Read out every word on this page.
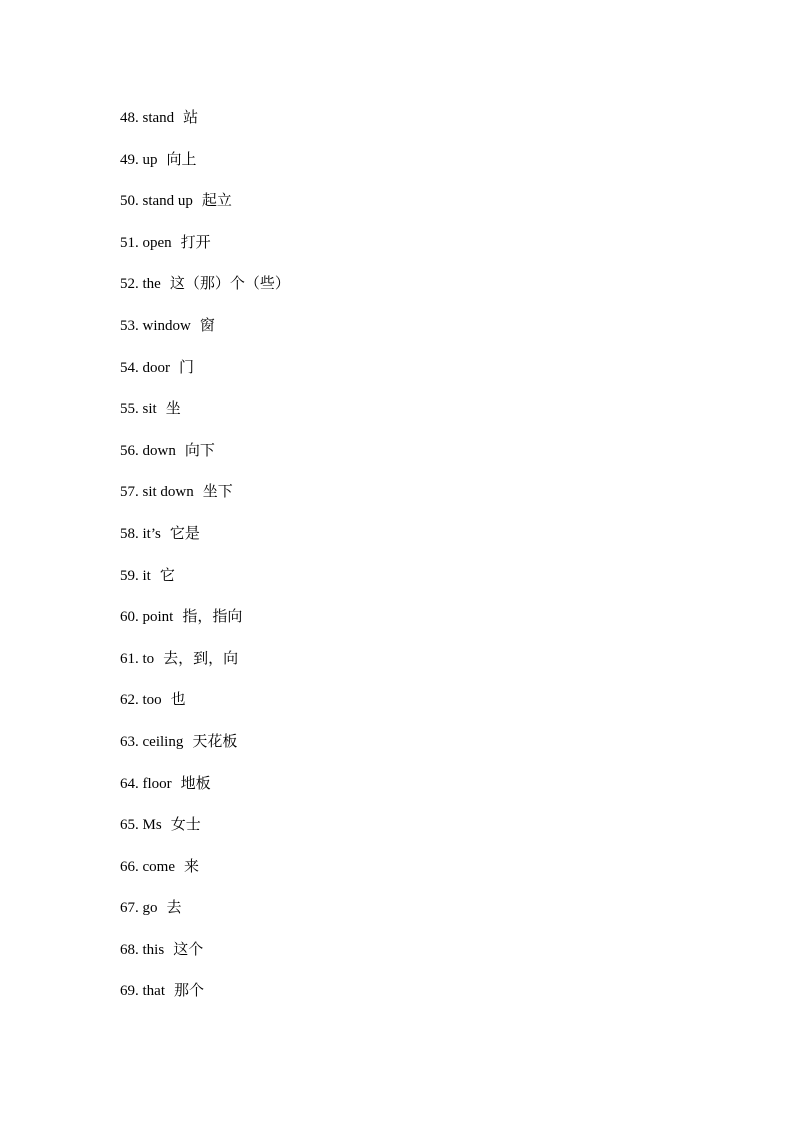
48. stand 站
49. up 向上
50. stand up 起立
51. open 打开
52. the 这（那）个（些）
53. window 窗
54. door 门
55. sit 坐
56. down 向下
57. sit down 坐下
58. it’s 它是
59. it 它
60. point 指，指向
61. to 去，到，向
62. too 也
63. ceiling 天花板
64. floor 地板
65. Ms 女士
66. come 来
67. go 去
68. this 这个
69. that 那个
